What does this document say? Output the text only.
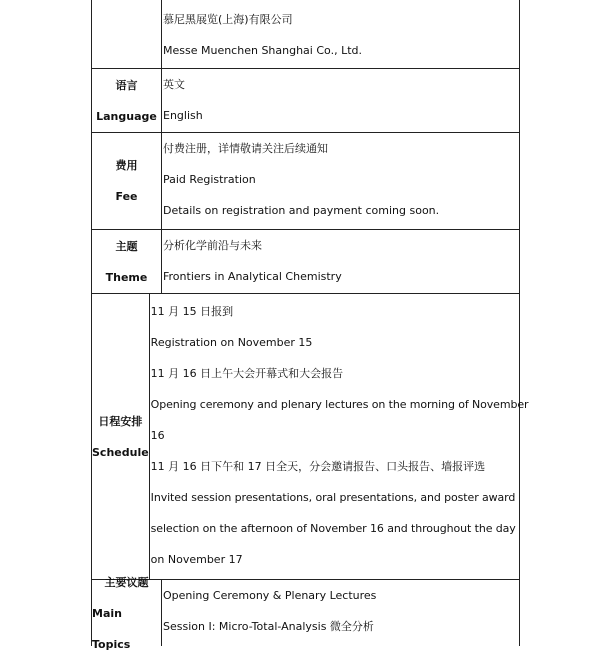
慕尼黑展览(上海)有限公司
Messe Muenchen Shanghai Co., Ltd.
语言
Language
英文
English
费用
Fee
付费注册，详情敬请关注后续通知
Paid Registration
Details on registration and payment coming soon.
主题
Theme
分析化学前沿与未来
Frontiers in Analytical Chemistry
日程安排
Schedule
11 月 15 日报到
Registration on November 15
11 月 16 日上午大会开幕式和大会报告
Opening ceremony and plenary lectures on the morning of November
16
11 月 16 日下午和 17 日全天，分会邀请报告、口头报告、墙报评选
Invited session presentations, oral presentations, and poster award
selection on the afternoon of November 16 and throughout the day
on November 17
主要议题
Main Topics
Opening Ceremony & Plenary Lectures
Session Ⅰ: Micro-Total-Analysis 微全分析
